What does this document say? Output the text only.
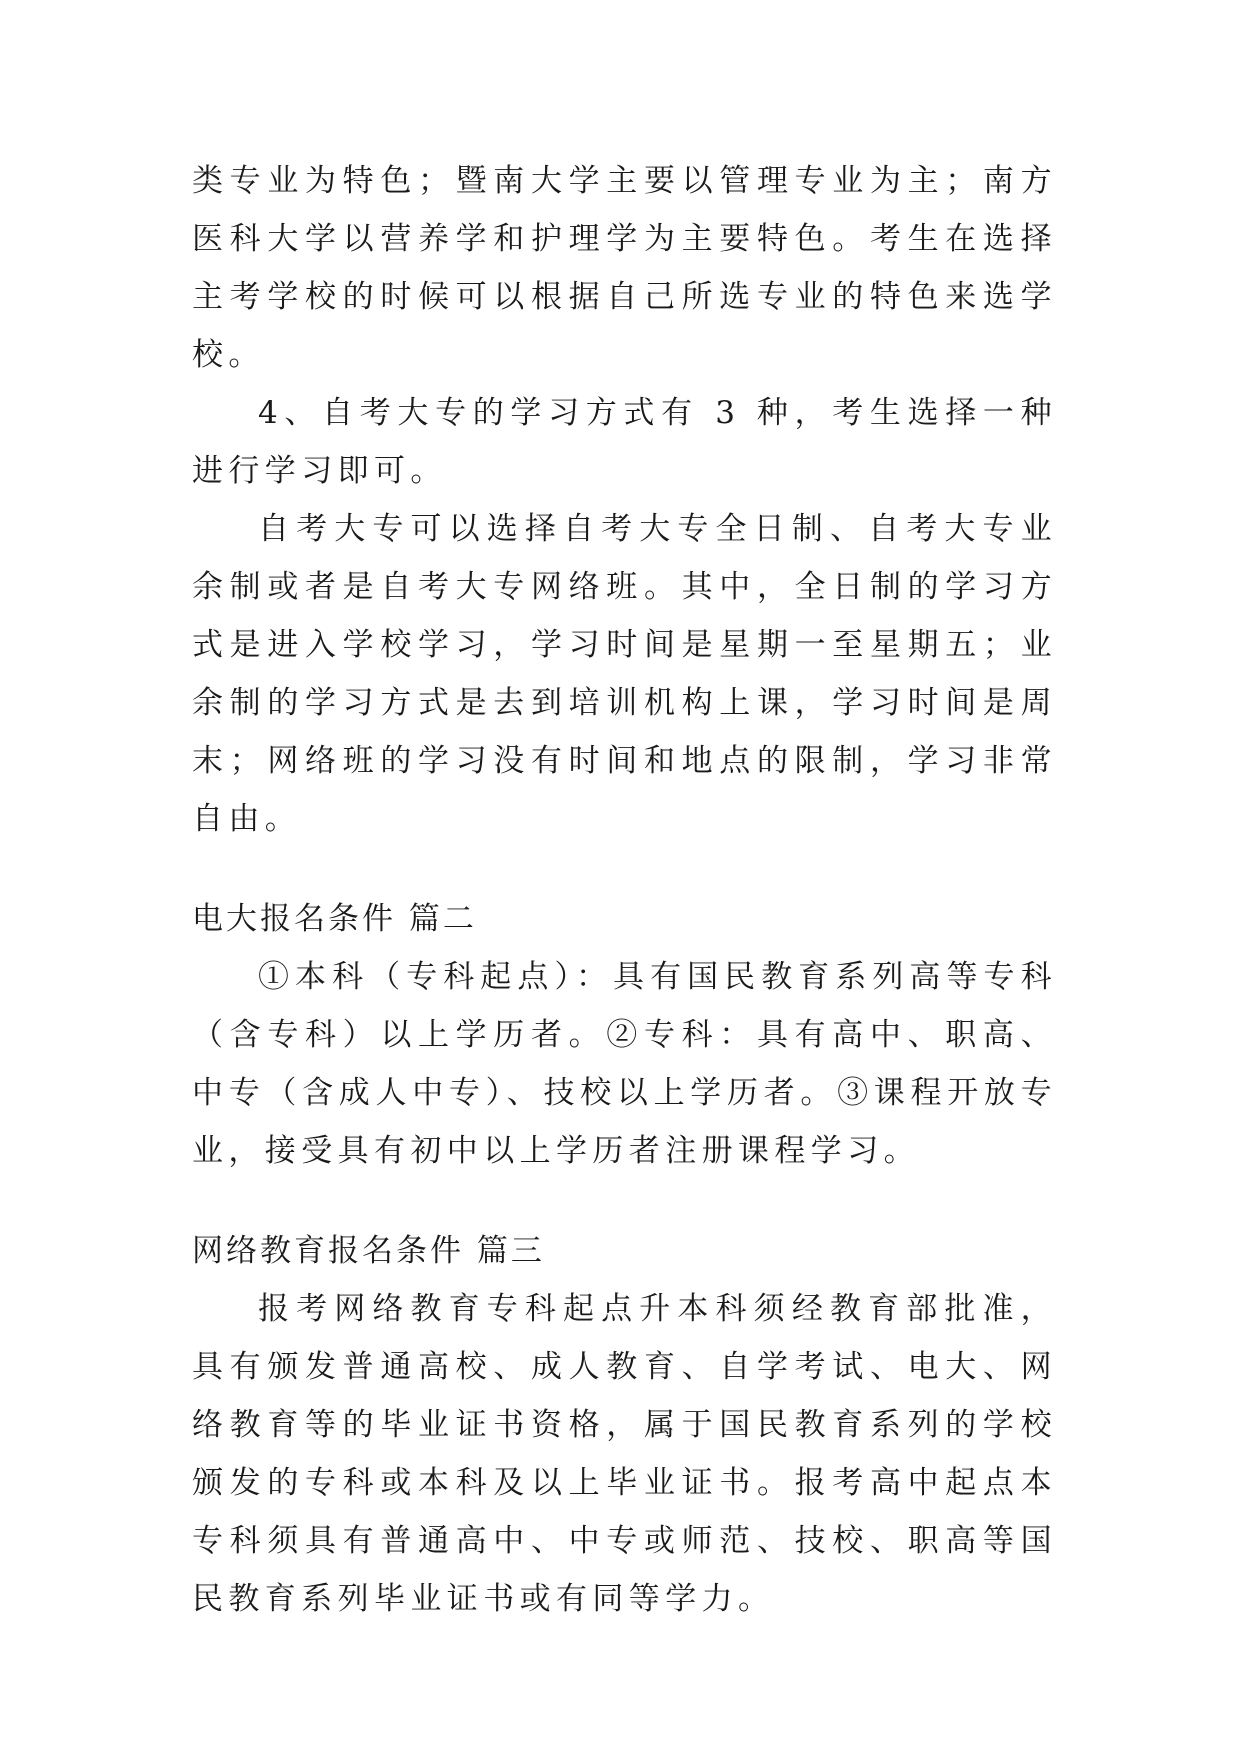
类专业为特色；暨南大学主要以管理专业为主；南方医科大学以营养学和护理学为主要特色。考生在选择主考学校的时候可以根据自己所选专业的特色来选学校。

4、自考大专的学习方式有 3 种，考生选择一种进行学习即可。

自考大专可以选择自考大专全日制、自考大专业余制或者是自考大专网络班。其中，全日制的学习方式是进入学校学习，学习时间是星期一至星期五；业余制的学习方式是去到培训机构上课，学习时间是周末；网络班的学习没有时间和地点的限制，学习非常自由。

电大报名条件 篇二

①本科（专科起点）：具有国民教育系列高等专科（含专科）以上学历者。②专科：具有高中、职高、中专（含成人中专）、技校以上学历者。③课程开放专业，接受具有初中以上学历者注册课程学习。

网络教育报名条件 篇三

报考网络教育专科起点升本科须经教育部批准，具有颁发普通高校、成人教育、自学考试、电大、网络教育等的毕业证书资格，属于国民教育系列的学校颁发的专科或本科及以上毕业证书。报考高中起点本专科须具有普通高中、中专或师范、技校、职高等国民教育系列毕业证书或有同等学力。
